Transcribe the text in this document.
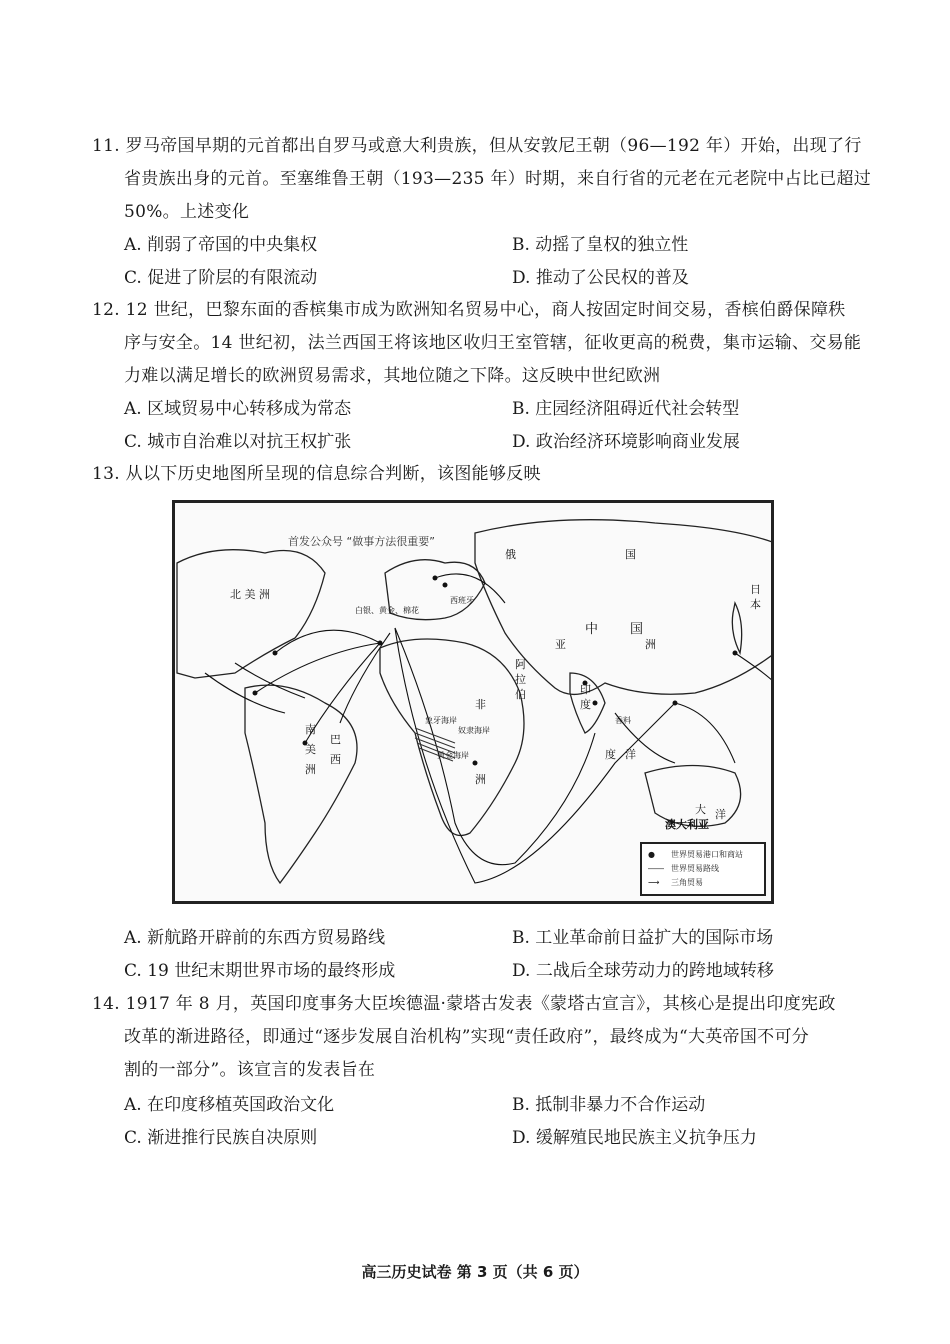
11. 罗马帝国早期的元首都出自罗马或意大利贵族，但从安敦尼王朝（96—192 年）开始，出现了行
省贵族出身的元首。至塞维鲁王朝（193—235 年）时期，来自行省的元老在元老院中占比已超过
50%。上述变化
A. 削弱了帝国的中央集权	B. 动摇了皇权的独立性
C. 促进了阶层的有限流动	D. 推动了公民权的普及
12. 12 世纪，巴黎东面的香槟集市成为欧洲知名贸易中心，商人按固定时间交易，香槟伯爵保障秩
序与安全。14 世纪初，法兰西国王将该地区收归王室管辖，征收更高的税费，集市运输、交易能
力难以满足增长的欧洲贸易需求，其地位随之下降。这反映中世纪欧洲
A. 区域贸易中心转移成为常态	B. 庄园经济阻碍近代社会转型
C. 城市自治难以对抗王权扩张	D. 政治经济环境影响商业发展
13. 从以下历史地图所呈现的信息综合判断，该图能够反映
北 美 洲
俄	国
中 国
亚	洲
阿
拉
伯	印
度
非
洲
南
美
洲
巴
西
日
本
大 洋
度 洋
澳大利亚
白银、黄金、棉花
奴隶海岸
象牙海岸
黄金海岸
香料
西班牙
首发公众号 “做事方法很重要”
●	世界贸易港口和商站
―― 世界贸易路线
⟶	三角贸易
A. 新航路开辟前的东西方贸易路线	B. 工业革命前日益扩大的国际市场
C. 19 世纪末期世界市场的最终形成	D. 二战后全球劳动力的跨地域转移
14. 1917 年 8 月，英国印度事务大臣埃德温·蒙塔古发表《蒙塔古宣言》，其核心是提出印度宪政
改革的渐进路径，即通过“逐步发展自治机构”实现“责任政府”，最终成为“大英帝国不可分
割的一部分”。该宣言的发表旨在
A. 在印度移植英国政治文化	B. 抵制非暴力不合作运动
C. 渐进推行民族自决原则	D. 缓解殖民地民族主义抗争压力
高三历史试卷 第 3 页（共 6 页）
